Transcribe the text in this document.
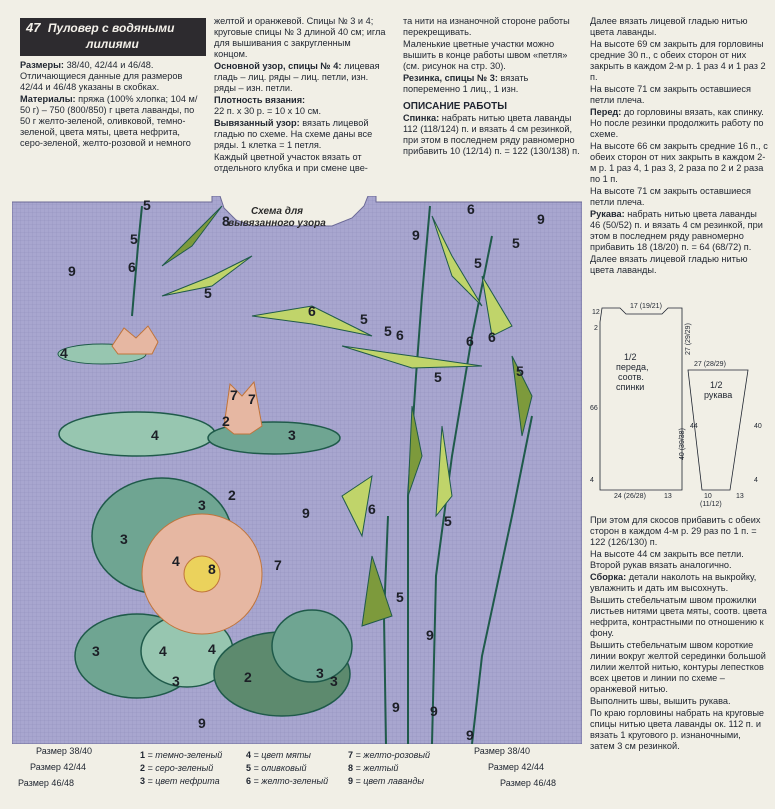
47 Пуловер с водяными
лилиями

Размеры: 38/40, 42/44 и 46/48. Отличающиеся данные для размеров 42/44 и 46/48 указаны в скобках.

Материалы: пряжа (100% хлопка; 104 м/ 50 г) – 750 (800/850) г цвета лаванды, по 50 г желто-зеленой, оливковой, темно-зеленой, цвета мяты, цвета нефрита, серо-зеленой, желто-розовой и немного

желтой и оранжевой. Спицы № 3 и 4; круговые спицы № 3 длиной 40 см; игла для вышивания с закругленным концом.

Основной узор, спицы № 4: лицевая гладь – лиц. ряды – лиц. петли, изн. ряды – изн. петли.

Плотность вязания:
22 п. х 30 р. = 10 х 10 см.

Вывязанный узор: вязать лицевой гладью по схеме. На схеме даны все ряды. 1 клетка = 1 петля.

Каждый цветной участок вязать от отдельного клубка и при смене цве-

та нити на изнаночной стороне работы перекрещивать.

Маленькие цветные участки можно вышить в конце работы швом «петля» (см. рисунок на стр. 30).

Резинка, спицы № 3: вязать попеременно 1 лиц., 1 изн.

ОПИСАНИЕ РАБОТЫ

Спинка: набрать нитью цвета лаванды 112 (118/124) п. и вязать 4 см резинкой, при этом в последнем ряду равномерно прибавить 10 (12/14) п. = 122 (130/138) п.

Далее вязать лицевой гладью нитью цвета лаванды.

На высоте 69 см закрыть для горловины средние 30 п., с обеих сторон от них закрыть в каждом 2-м р. 1 раз 4 и 1 раз 2 п.

На высоте 71 см закрыть оставшиеся петли плеча.

Перед: до горловины вязать, как спинку. Но после резинки продолжить работу по схеме.

На высоте 66 см закрыть средние 16 п., с обеих сторон от них закрыть в каждом 2-м р. 1 раз 4, 1 раз 3, 2 раза по 2 и 2 раза по 1 п.

На высоте 71 см закрыть оставшиеся петли плеча.

Рукава: набрать нитью цвета лаванды 46 (50/52) п. и вязать 4 см резинкой, при этом в последнем ряду равномерно прибавить 18 (18/20) п. = 64 (68/72) п.

Далее вязать лицевой гладью нитью цвета лаванды.

1/2 переда, соотв. спинки	1/2 рукава
12
17 (19/21)
2	27 (29/29)
27 (28/29)
66
40 (39/38)
44	40
4
24 (26/28)	13	10
(11/12)
13
4

При этом для скосов прибавить с обеих сторон в каждом 4-м р. 29 раз по 1 п. = 122 (126/130) п.

На высоте 44 см закрыть все петли. Второй рукав вязать аналогично.

Сборка: детали наколоть на выкройку, увлажнить и дать им высохнуть.

Вышить стебельчатым швом прожилки листьев нитями цвета мяты, соотв. цвета нефрита, контрастными по отношению к фону.

Вышить стебельчатым швом короткие линии вокруг желтой серединки большой лилии желтой нитью, контуры лепестков всех цветов и линии по схеме – оранжевой нитью.

Выполнить швы, вышить рукава.

По краю горловины набрать на круговые спицы нитью цвета лаванды ок. 112 п. и вязать 1 кругового р. изнаночными, затем 3 см резинкой.

9
5
6
5
8
6
5
9
6
9
5
5
5 6	6
4
7
5
6
4
7
3
5
5
4
3	6
5
2
9
3
3
8
4
2
9
7
5
4
3	3
2
3
9
9 9
9
Схема для вывязанного узора
Размер 38/40
Размер 42/44
Размер 46/48
Размер 38/40
Размер 42/44
Размер 46/48
1 = темно-зеленый
2 = серо-зеленый
3 = цвет нефрита
4 = цвет мяты
5 = оливковый
6 = желто-зеленый
7 = желто-розовый
8 = желтый
9 = цвет лаванды
